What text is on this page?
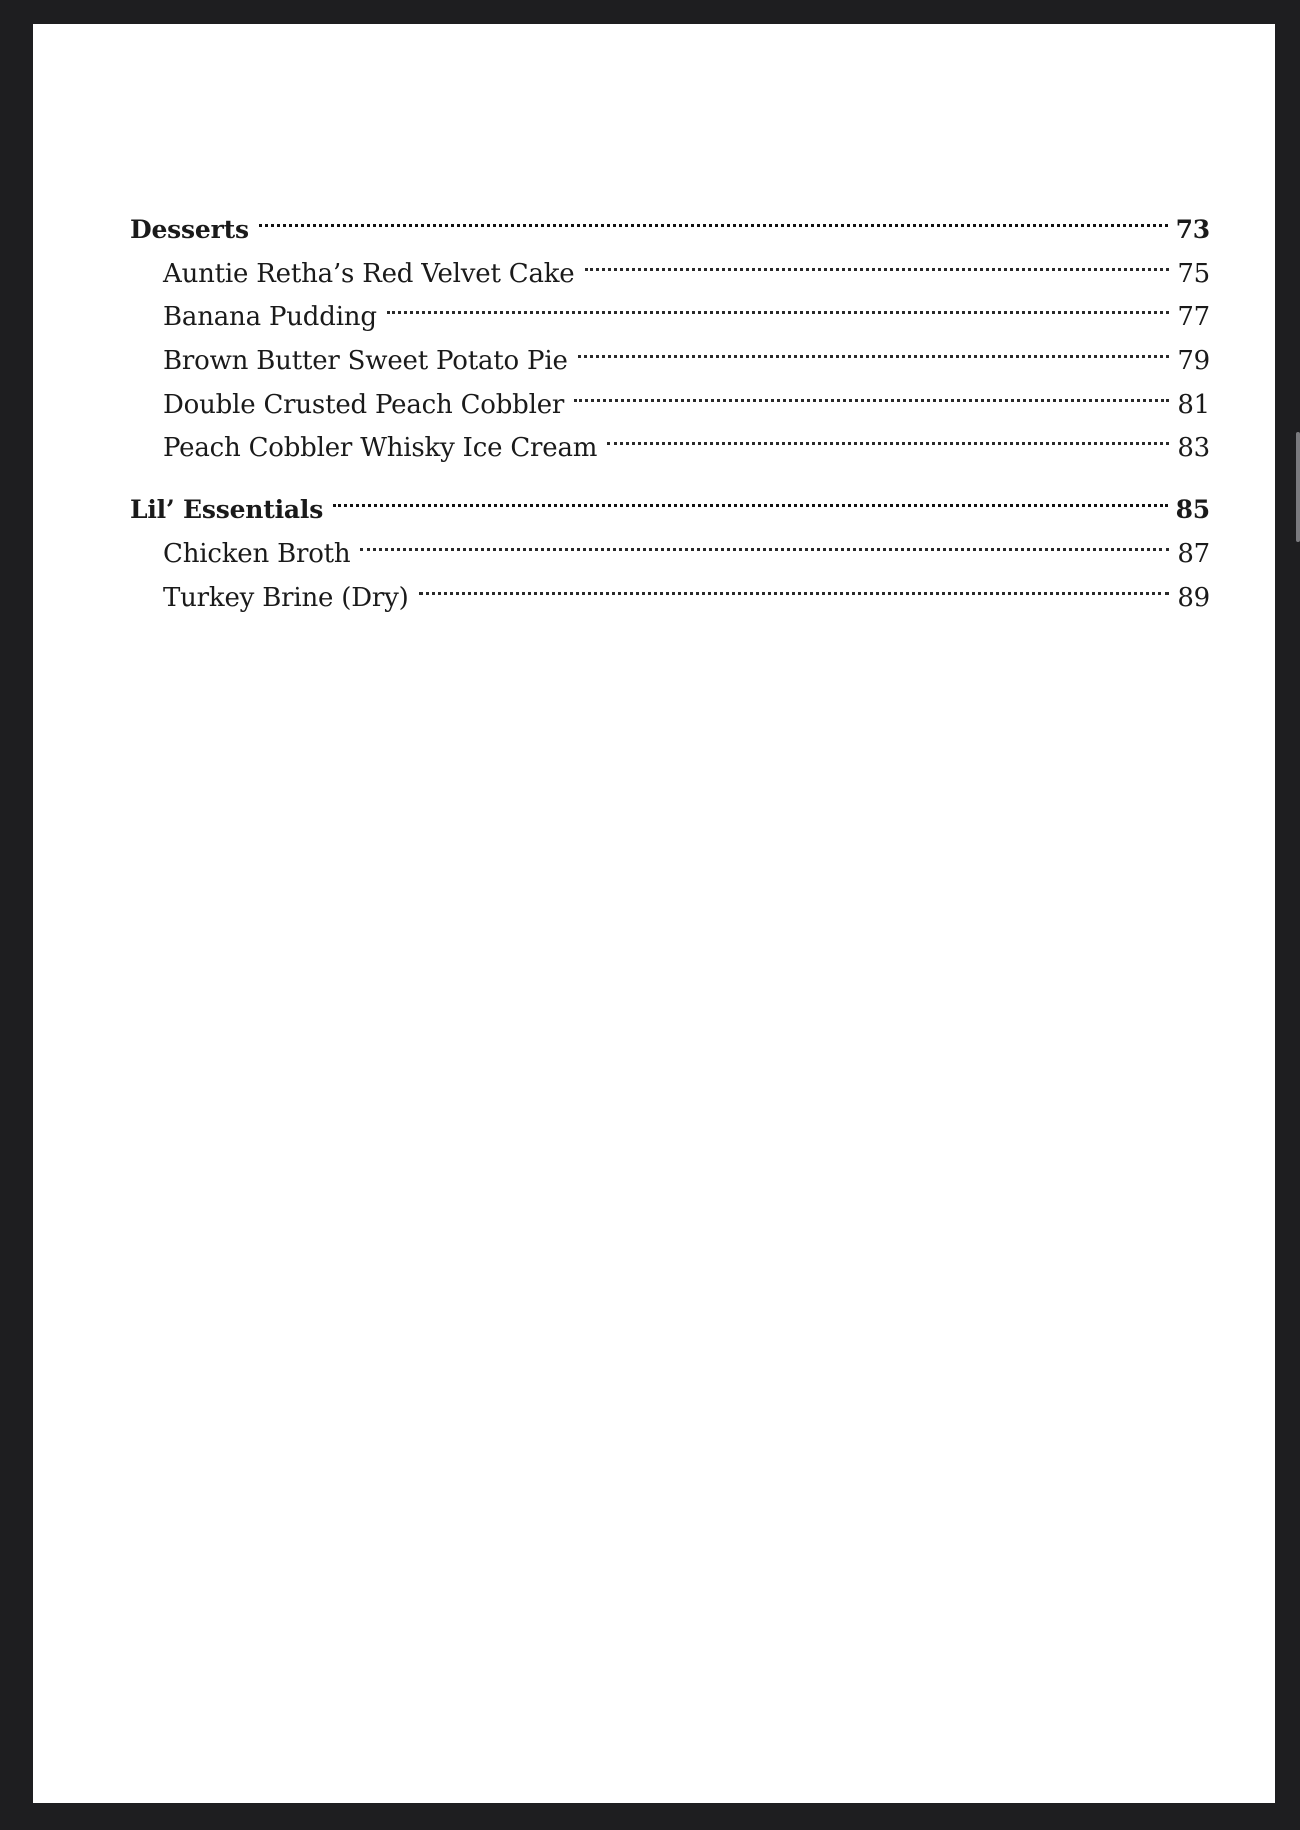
Desserts	73
Auntie Retha’s Red Velvet Cake	75
Banana Pudding	77
Brown Butter Sweet Potato Pie	79
Double Crusted Peach Cobbler	81
Peach Cobbler Whisky Ice Cream	83
Lil’ Essentials	85
Chicken Broth	87
Turkey Brine (Dry)	89
